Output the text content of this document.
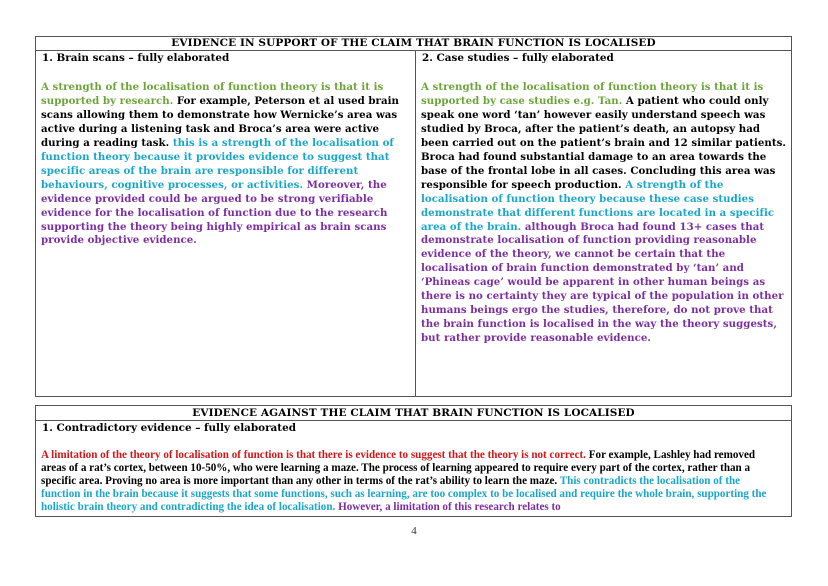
EVIDENCE IN SUPPORT OF THE CLAIM THAT BRAIN FUNCTION IS LOCALISED
1. Brain scans – fully elaborated
A strength of the localisation of function theory is that it is supported by research. For example, Peterson et al used brain scans allowing them to demonstrate how Wernicke’s area was active during a listening task and Broca’s area were active during a reading task. this is a strength of the localisation of function theory because it provides evidence to suggest that specific areas of the brain are responsible for different behaviours, cognitive processes, or activities. Moreover, the evidence provided could be argued to be strong verifiable evidence for the localisation of function due to the research supporting the theory being highly empirical as brain scans provide objective evidence.
2. Case studies – fully elaborated
A strength of the localisation of function theory is that it is supported by case studies e.g. Tan. A patient who could only speak one word ‘tan’ however easily understand speech was studied by Broca, after the patient’s death, an autopsy had been carried out on the patient’s brain and 12 similar patients. Broca had found substantial damage to an area towards the base of the frontal lobe in all cases. Concluding this area was responsible for speech production. A strength of the localisation of function theory because these case studies demonstrate that different functions are located in a specific area of the brain. although Broca had found 13+ cases that demonstrate localisation of function providing reasonable evidence of the theory, we cannot be certain that the localisation of brain function demonstrated by ‘tan’ and ‘Phineas cage’ would be apparent in other human beings as there is no certainty they are typical of the population in other humans beings ergo the studies, therefore, do not prove that the brain function is localised in the way the theory suggests, but rather provide reasonable evidence.
EVIDENCE AGAINST THE CLAIM THAT BRAIN FUNCTION IS LOCALISED
1. Contradictory evidence – fully elaborated
A limitation of the theory of localisation of function is that there is evidence to suggest that the theory is not correct. For example, Lashley had removed areas of a rat’s cortex, between 10-50%, who were learning a maze. The process of learning appeared to require every part of the cortex, rather than a specific area. Proving no area is more important than any other in terms of the rat’s ability to learn the maze. This contradicts the localisation of the function in the brain because it suggests that some functions, such as learning, are too complex to be localised and require the whole brain, supporting the holistic brain theory and contradicting the idea of localisation. However, a limitation of this research relates to
4
